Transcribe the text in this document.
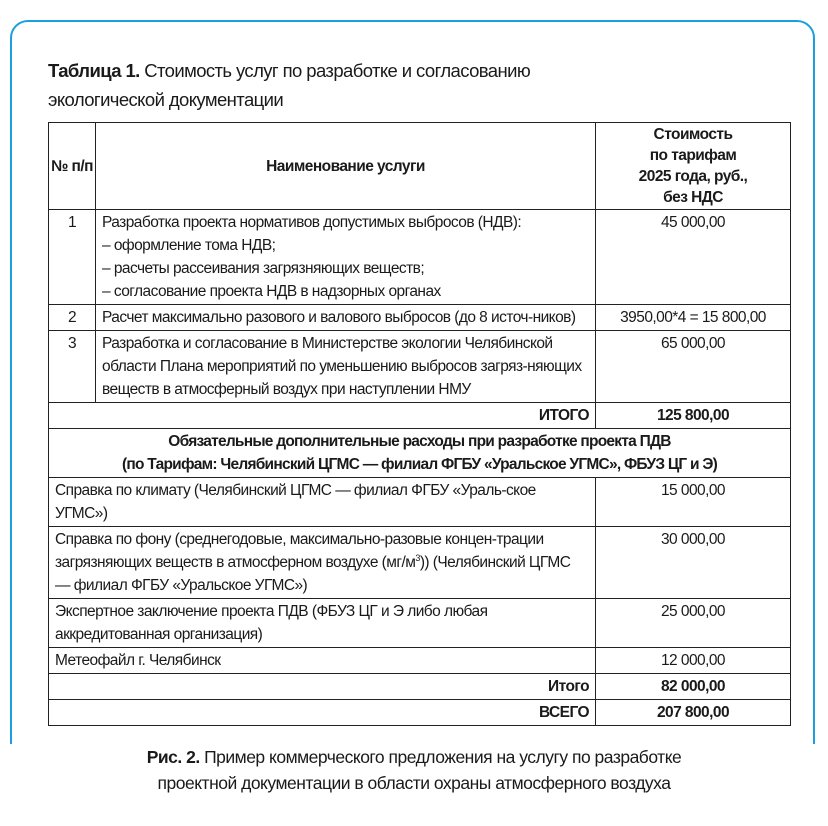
Таблица 1. Стоимость услуг по разработке и согласованию
экологической документации
№ п/п	Наименование услуги	Стоимость
по тарифам
2025 года, руб.,
без НДС
1	Разработка проекта нормативов допустимых выбросов (НДВ):
– оформление тома НДВ;
– расчеты рассеивания загрязняющих веществ;
– согласование проекта НДВ в надзорных органах	45 000,00
2	Расчет максимально разового и валового выбросов (до 8 источ-ников)	3950,00*4 = 15 800,00
3	Разработка и согласование в Министерстве экологии Челябинской области Плана мероприятий по уменьшению выбросов загряз-няющих веществ в атмосферный воздух при наступлении НМУ	65 000,00
ИТОГО		125 800,00
Обязательные дополнительные расходы при разработке проекта ПДВ
(по Тарифам: Челябинский ЦГМС — филиал ФГБУ «Уральское УГМС», ФБУЗ ЦГ и Э)		
Справка по климату (Челябинский ЦГМС — филиал ФГБУ «Ураль-ское УГМС»)		15 000,00
Справка по фону (среднегодовые, максимально-разовые концен-трации загрязняющих веществ в атмосферном воздухе $(мг/м^3)$) (Челябинский ЦГМС — филиал ФГБУ «Уральское УГМС»)		30 000,00
Экспертное заключение проекта ПДВ (ФБУЗ ЦГ и Э либо любая аккредитованная организация)		25 000,00
Метеофайл г. Челябинск		12 000,00
Итого		82 000,00
ВСЕГО		207 800,00
Рис. 2. Пример коммерческого предложения на услугу по разработке
проектной документации в области охраны атмосферного воздуха
